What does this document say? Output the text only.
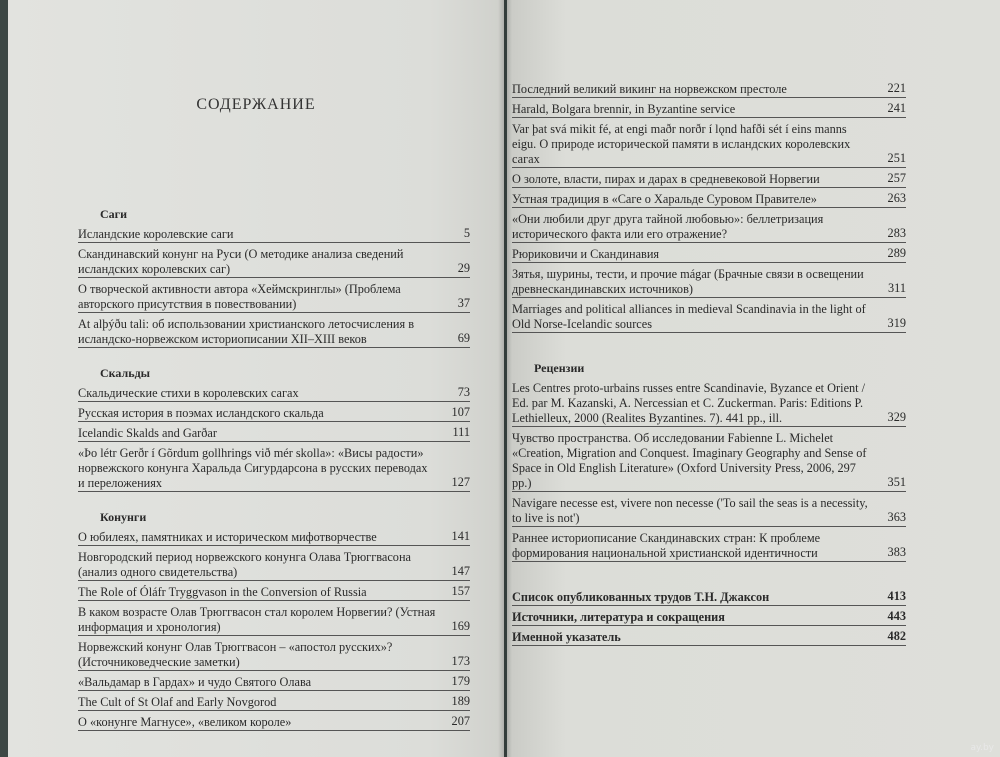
СОДЕРЖАНИЕ
Саги
Исландские королевские саги	5
Скандинавский конунг на Руси (О методике анализа сведений исландских королевских саг)	29
О творческой активности автора «Хеймскринглы» (Проблема авторского присутствия в повествовании)	37
At alþýðu tali: об использовании христианского летосчисления в исландско-норвежском историописании XII–XIII веков	69
Скальды
Скальдические стихи в королевских сагах	73
Русская история в поэмах исландского скальда	107
Icelandic Skalds and Garðar	111
«Þo létr Gerðr í Gõrdum gollhrings við mér skolla»: «Висы радости» норвежского конунга Харальда Сигурдарсона в русских переводах и переложениях	127
Конунги
О юбилеях, памятниках и историческом мифотворчестве	141
Новгородский период норвежского конунга Олава Трюггвасона (анализ одного свидетельства)	147
The Role of Óláfr Tryggvason in the Conversion of Russia	157
В каком возрасте Олав Трюггвасон стал королем Норвегии? (Устная информация и хронология)	169
Норвежский конунг Олав Трюггвасон – «апостол русских»? (Источниковедческие заметки)	173
«Вальдамар в Гардах» и чудо Святого Олава	179
The Cult of St Olaf and Early Novgorod	189
О «конунге Магнусе», «великом короле»	207
Последний великий викинг на норвежском престоле	221
Harald, Bolgara brennir, in Byzantine service	241
Var þat svá mikit fé, at engi maðr norðr í lǫnd hafði sét í eins manns eigu. О природе исторической памяти в исландских королевских сагах	251
О золоте, власти, пирах и дарах в средневековой Норвегии	257
Устная традиция в «Саге о Харальде Суровом Правителе»	263
«Они любили друг друга тайной любовью»: беллетризация исторического факта или его отражение?	283
Рюриковичи и Скандинавия	289
Зятья, шурины, тести, и прочие mágar (Брачные связи в освещении древнескандинавских источников)	311
Marriages and political alliances in medieval Scandinavia in the light of Old Norse-Icelandic sources	319
Рецензии
Les Centres proto-urbains russes entre Scandinavie, Byzance et Orient / Ed. par M. Kazanski, A. Nercessian et C. Zuckerman. Paris: Editions P. Lethielleux, 2000 (Realites Byzantines. 7). 441 pp., ill.	329
Чувство пространства. Об исследовании Fabienne L. Michelet «Creation, Migration and Conquest. Imaginary Geography and Sense of Space in Old English Literature» (Oxford University Press, 2006, 297 pp.)	351
Navigare necesse est, vivere non necesse ('To sail the seas is a necessity, to live is not')	363
Раннее историописание Скандинавских стран: К проблеме формирования национальной христианской идентичности	383
Список опубликованных трудов Т.Н. Джаксон	413
Источники, литература и сокращения	443
Именной указатель	482
ay.by
